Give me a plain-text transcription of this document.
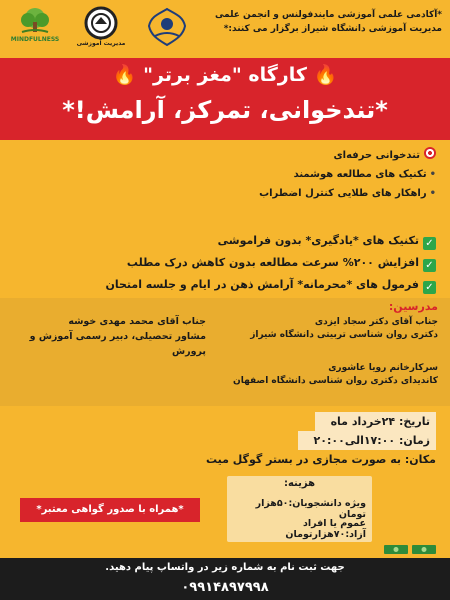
MINDFULNESS
مدیریت آموزشی
*آکادمی علمی آموزشی مایندفولنس و انجمن علمی مدیریت آموزشی دانشگاه شیراز برگزار می کنند:*
🔥 کارگاه "مغز برتر" 🔥
*تندخوانی، تمرکز، آرامش!*
تندخوانی حرفه‌ای
•تکنیک های مطالعه هوشمند
•راهکار های طلایی کنترل اضطراب
✓تکنیک های *یادگیری* بدون فراموشی
✓افزایش ۲۰۰% سرعت مطالعه بدون کاهش درک مطلب
✓فرمول های *محرمانه* آرامش ذهن در ایام و جلسه امتحان
مدرسین:
جناب آقای دکتر سجاد ایزدی
دکتری روان شناسی تربیتی دانشگاه شیراز
سرکارخانم رویا عاشوری
کاندیدای دکتری روان شناسی دانشگاه اصفهان
جناب آقای محمد مهدی خوشه
مشاور تحصیلی، دبیر رسمی آموزش و پرورش
تاریخ: ۲۴خرداد ماه
زمان: ۱۷:۰۰الی۲۰:۰۰
مکان: به صورت مجازی در بستر گوگل میت
*همراه با صدور گواهی معتبر*
هزینه:
ویژه دانشجویان:۵۰هزار تومان
عموم یا افراد آزاد:۷۰هزارتومان
جهت ثبت نام به شماره زیر در واتساپ پیام دهید.
۰۹۹۱۴۸۹۷۹۹۸
